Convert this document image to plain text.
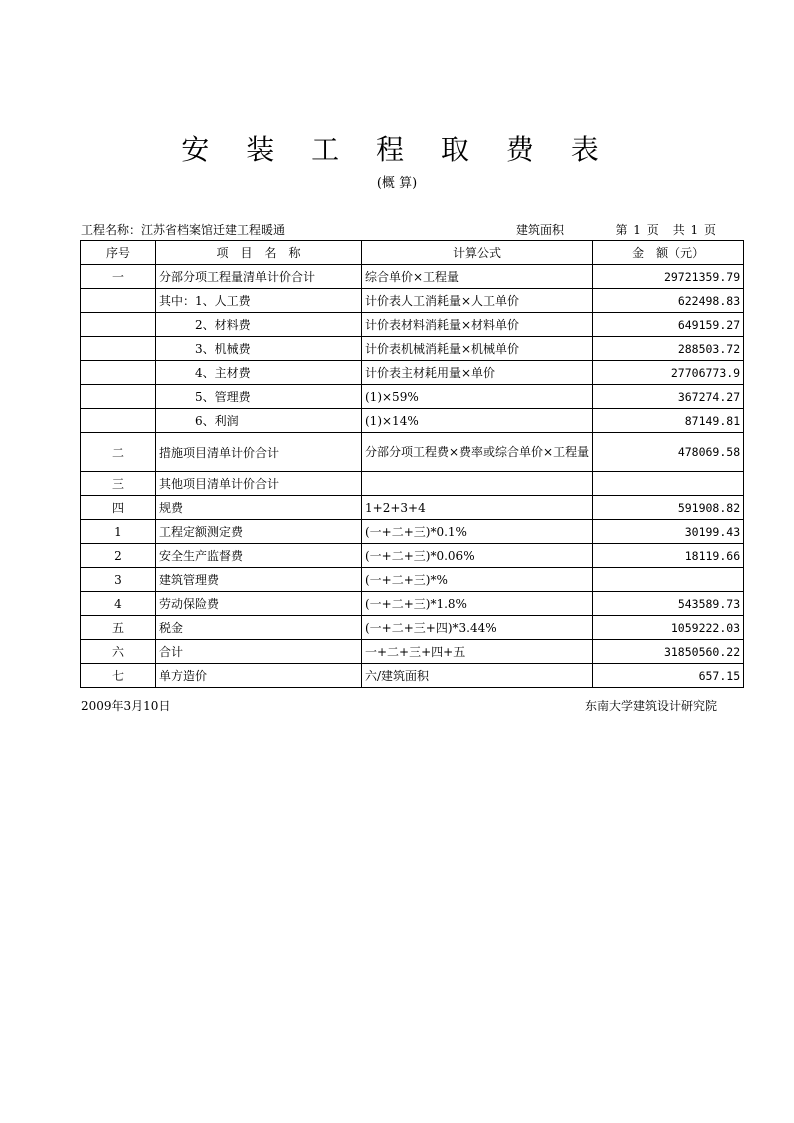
安 装 工 程 取 费 表
(概 算)
工程名称：江苏省档案馆迁建工程暖通	建筑面积	第 1 页　共 1 页
序号	项　目　名　称	计算公式	金　额（元）
一	分部分项工程量清单计价合计	综合单价×工程量	29721359.79
	其中：1、人工费	计价表人工消耗量×人工单价	622498.83
	　　　2、材料费	计价表材料消耗量×材料单价	649159.27
	　　　3、机械费	计价表机械消耗量×机械单价	288503.72
	　　　4、主材费	计价表主材耗用量×单价	27706773.9
	　　　5、管理费	(1)×59%	367274.27
	　　　6、利润	(1)×14%	87149.81
二	措施项目清单计价合计	分部分项工程费×费率或综合单价×工程量	478069.58
三	其他项目清单计价合计		
四	规费	1+2+3+4	591908.82
1	工程定额测定费	(一+二+三)*0.1%	30199.43
2	安全生产监督费	(一+二+三)*0.06%	18119.66
3	建筑管理费	(一+二+三)*%	
4	劳动保险费	(一+二+三)*1.8%	543589.73
五	税金	(一+二+三+四)*3.44%	1059222.03
六	合计	一+二+三+四+五	31850560.22
七	单方造价	六/建筑面积	657.15
2009年3月10日	东南大学建筑设计研究院
